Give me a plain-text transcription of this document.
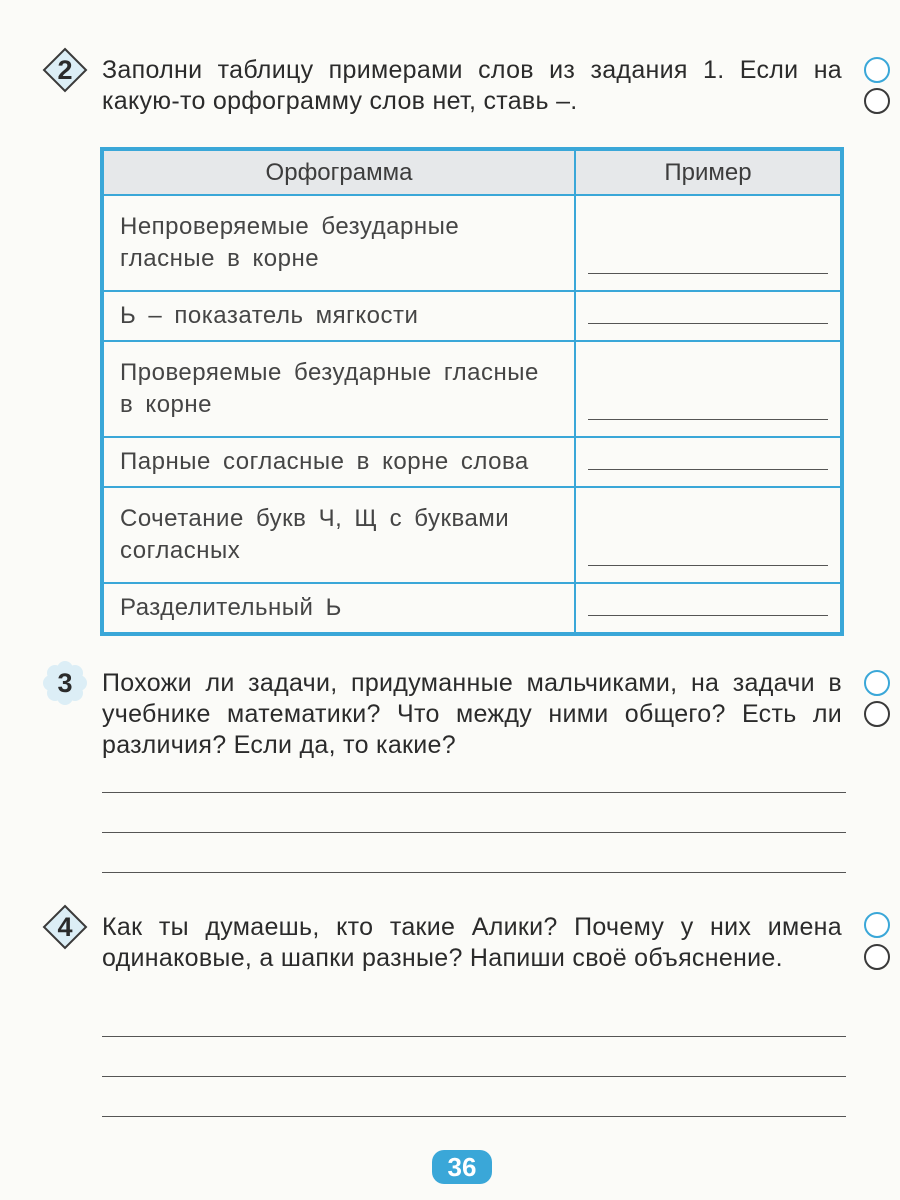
2	Заполни таблицу примерами слов из задания 1. Если на какую-то орфограмму слов нет, ставь –.
Орфограмма	Пример
Непроверяемые безударные гласные в корне	

Ь – показатель мягкости	

Проверяемые безударные гласные в корне	

Парные согласные в корне слова	

Сочетание букв Ч, Щ с буквами согласных	

Разделительный Ь	
3	Похожи ли задачи, придуманные мальчиками, на задачи в учебнике математики? Что между ними общего? Есть ли различия? Если да, то какие?
4	Как ты думаешь, кто такие Алики? Почему у них имена одинаковые, а шапки разные? Напиши своё объяснение.
36
